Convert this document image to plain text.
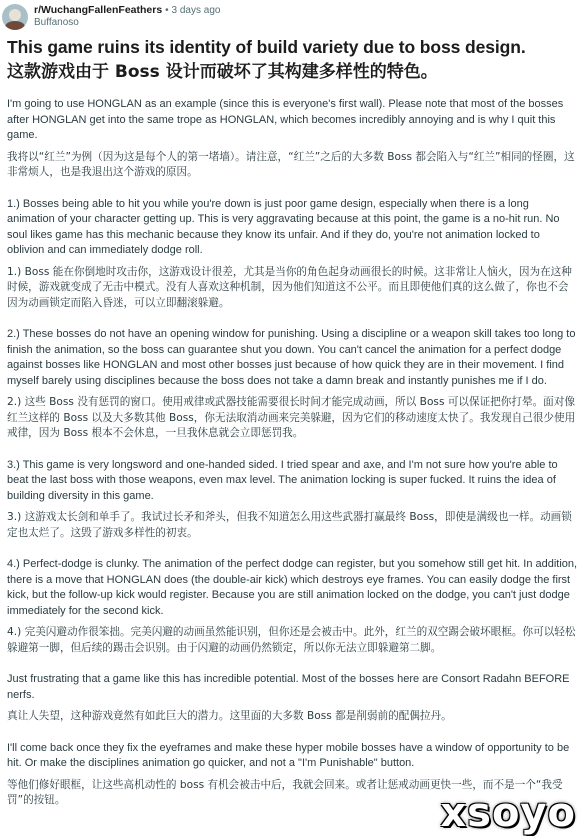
r/WuchangFallenFeathers • 3 days ago
Buffanoso
This game ruins its identity of build variety due to boss design.
这款游戏由于 Boss 设计而破坏了其构建多样性的特色。

I'm going to use HONGLAN as an example (since this is everyone's first wall). Please note that most of the bosses after HONGLAN get into the same trope as HONGLAN, which becomes incredibly annoying and is why I quit this game.

我将以“红兰”为例（因为这是每个人的第一堵墙）。请注意，“红兰”之后的大多数 Boss 都会陷入与“红兰”相同的怪圈，这非常烦人，也是我退出这个游戏的原因。

1.) Bosses being able to hit you while you're down is just poor game design, especially when there is a long animation of your character getting up. This is very aggravating because at this point, the game is a no-hit run. No soul likes game has this mechanic because they know its unfair. And if they do, you're not animation locked to oblivion and can immediately dodge roll.

1.) Boss 能在你倒地时攻击你，这游戏设计很差，尤其是当你的角色起身动画很长的时候。这非常让人恼火，因为在这种时候，游戏就变成了无击中模式。没有人喜欢这种机制，因为他们知道这不公平。而且即使他们真的这么做了，你也不会因为动画锁定而陷入昏迷，可以立即翻滚躲避。

2.) These bosses do not have an opening window for punishing. Using a discipline or a weapon skill takes too long to finish the animation, so the boss can guarantee shut you down. You can't cancel the animation for a perfect dodge against bosses like HONGLAN and most other bosses just because of how quick they are in their movement. I find myself barely using disciplines because the boss does not take a damn break and instantly punishes me if I do.

2.) 这些 Boss 没有惩罚的窗口。使用戒律或武器技能需要很长时间才能完成动画，所以 Boss 可以保证把你打晕。面对像红兰这样的 Boss 以及大多数其他 Boss，你无法取消动画来完美躲避，因为它们的移动速度太快了。我发现自己很少使用戒律，因为 Boss 根本不会休息，一旦我休息就会立即惩罚我。

3.) This game is very longsword and one-handed sided. I tried spear and axe, and I'm not sure how you're able to beat the last boss with those weapons, even max level. The animation locking is super fucked. It ruins the idea of building diversity in this game.

3.) 这游戏太长剑和单手了。我试过长矛和斧头，但我不知道怎么用这些武器打赢最终 Boss，即使是满级也一样。动画锁定也太烂了。这毁了游戏多样性的初衷。

4.) Perfect-dodge is clunky. The animation of the perfect dodge can register, but you somehow still get hit. In addition, there is a move that HONGLAN does (the double-air kick) which destroys eye frames. You can easily dodge the first kick, but the follow-up kick would register. Because you are still animation locked on the dodge, you can't just dodge immediately for the second kick.

4.) 完美闪避动作很笨拙。完美闪避的动画虽然能识别，但你还是会被击中。此外，红兰的双空踢会破坏眼框。你可以轻松躲避第一脚，但后续的踢击会识别。由于闪避的动画仍然锁定，所以你无法立即躲避第二脚。

Just frustrating that a game like this has incredible potential. Most of the bosses here are Consort Radahn BEFORE nerfs.

真让人失望，这种游戏竟然有如此巨大的潜力。这里面的大多数 Boss 都是削弱前的配偶拉丹。

I'll come back once they fix the eyeframes and make these hyper mobile bosses have a window of opportunity to be hit. Or make the disciplines animation go quicker, and not a "I'm Punishable" button.

等他们修好眼框，让这些高机动性的 boss 有机会被击中后，我就会回来。或者让惩戒动画更快一些，而不是一个“我受罚”的按钮。	xsoyo
